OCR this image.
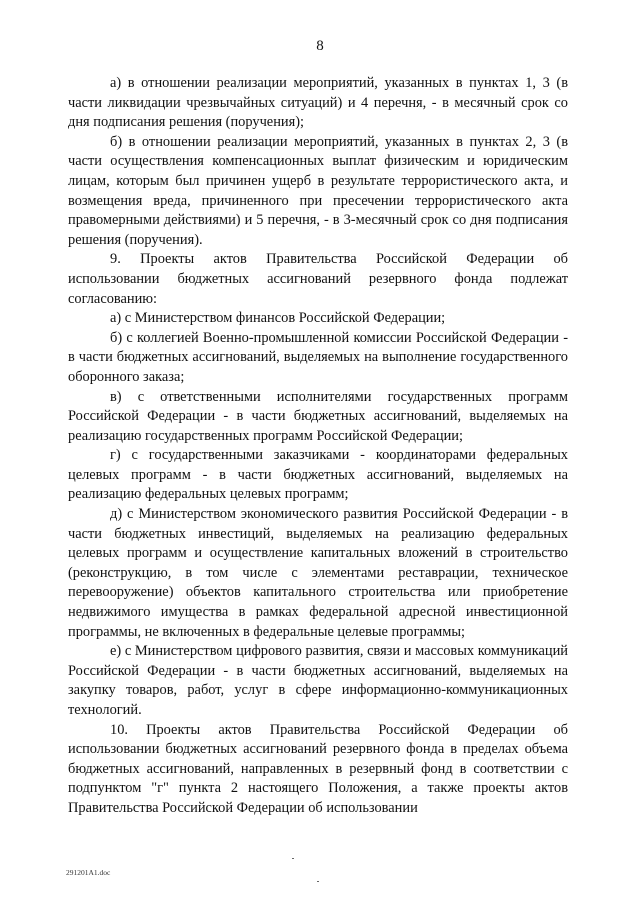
8

а) в отношении реализации мероприятий, указанных в пунктах 1, 3 (в части ликвидации чрезвычайных ситуаций) и 4 перечня, - в месячный срок со дня подписания решения (поручения);

б) в отношении реализации мероприятий, указанных в пунктах 2, 3 (в части осуществления компенсационных выплат физическим и юридическим лицам, которым был причинен ущерб в результате террористического акта, и возмещения вреда, причиненного при пресечении террористического акта правомерными действиями) и 5 перечня, - в 3-месячный срок со дня подписания решения (поручения).

9. Проекты актов Правительства Российской Федерации об использовании бюджетных ассигнований резервного фонда подлежат согласованию:

а) с Министерством финансов Российской Федерации;

б) с коллегией Военно-промышленной комиссии Российской Федерации - в части бюджетных ассигнований, выделяемых на выполнение государственного оборонного заказа;

в) с ответственными исполнителями государственных программ Российской Федерации - в части бюджетных ассигнований, выделяемых на реализацию государственных программ Российской Федерации;

г) с государственными заказчиками - координаторами федеральных целевых программ - в части бюджетных ассигнований, выделяемых на реализацию федеральных целевых программ;

д) с Министерством экономического развития Российской Федерации - в части бюджетных инвестиций, выделяемых на реализацию федеральных целевых программ и осуществление капитальных вложений в строительство (реконструкцию, в том числе с элементами реставрации, техническое перевооружение) объектов капитального строительства или приобретение недвижимого имущества в рамках федеральной адресной инвестиционной программы, не включенных в федеральные целевые программы;

е) с Министерством цифрового развития, связи и массовых коммуникаций Российской Федерации - в части бюджетных ассигнований, выделяемых на закупку товаров, работ, услуг в сфере информационно-коммуникационных технологий.

10. Проекты актов Правительства Российской Федерации об использовании бюджетных ассигнований резервного фонда в пределах объема бюджетных ассигнований, направленных в резервный фонд в соответствии с подпунктом "г" пункта 2 настоящего Положения, а также проекты актов Правительства Российской Федерации об использовании

291201А1.doc
